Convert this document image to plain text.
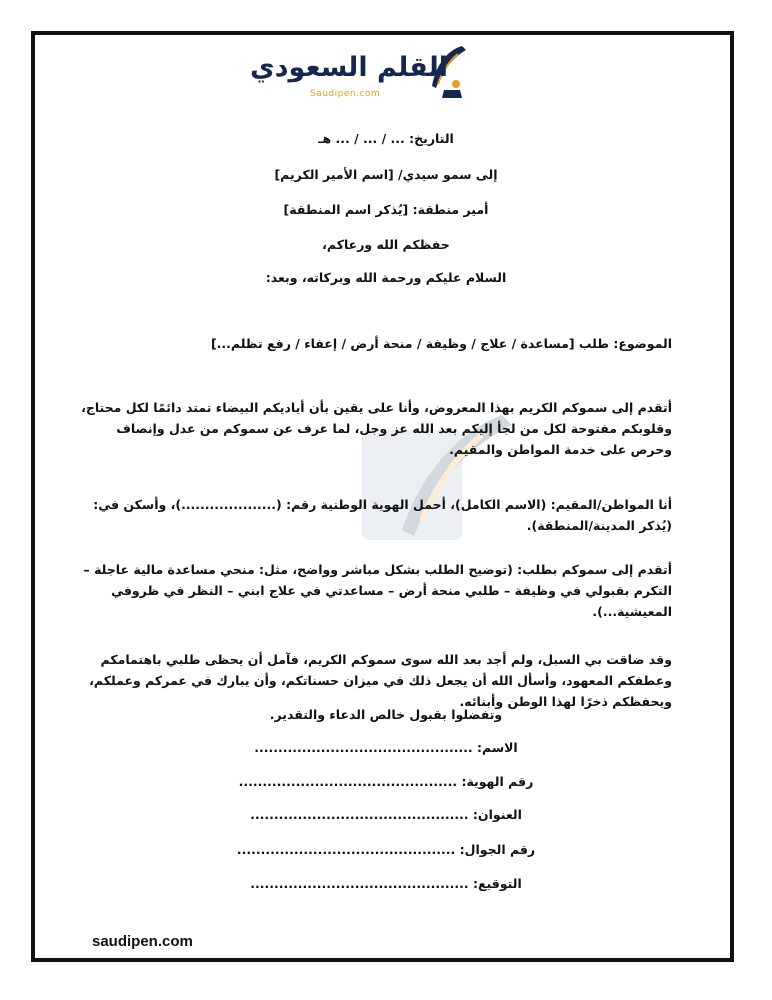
القلم السعودي
Saudipen.com
التاريخ: ... / ... / ... هـ
إلى سمو سيدي/ [اسم الأمير الكريم]
أمير منطقة: [يُذكر اسم المنطقة]
حفظكم الله ورعاكم،
السلام عليكم ورحمة الله وبركاته، وبعد:
الموضوع: طلب [مساعدة / علاج / وظيفة / منحة أرض / إعفاء / رفع تظلم...]
أتقدم إلى سموكم الكريم بهذا المعروض، وأنا على يقين بأن أياديكم البيضاء تمتد دائمًا لكل محتاج، وقلوبكم مفتوحة لكل من لجأ إليكم بعد الله عز وجل، لما عرف عن سموكم من عدل وإنصاف وحرص على خدمة المواطن والمقيم.
أنا المواطن/المقيم: (الاسم الكامل)، أحمل الهوية الوطنية رقم: (....................)، وأسكن في: (يُذكر المدينة/المنطقة).
أتقدم إلى سموكم بطلب: (توضيح الطلب بشكل مباشر وواضح، مثل: منحي مساعدة مالية عاجلة – التكرم بقبولي في وظيفة – طلبي منحة أرض – مساعدتي في علاج ابني – النظر في ظروفي المعيشية...).
وقد ضاقت بي السبل، ولم أجد بعد الله سوى سموكم الكريم، فآمل أن يحظى طلبي باهتمامكم وعطفكم المعهود، وأسأل الله أن يجعل ذلك في ميزان حسناتكم، وأن يبارك في عمركم وعملكم، ويحفظكم ذخرًا لهذا الوطن وأبنائه.
وتفضلوا بقبول خالص الدعاء والتقدير.
الاسم: ..............................................
رقم الهوية: ..............................................
العنوان: ..............................................
رقم الجوال: ..............................................
التوقيع: ..............................................
saudipen.com
